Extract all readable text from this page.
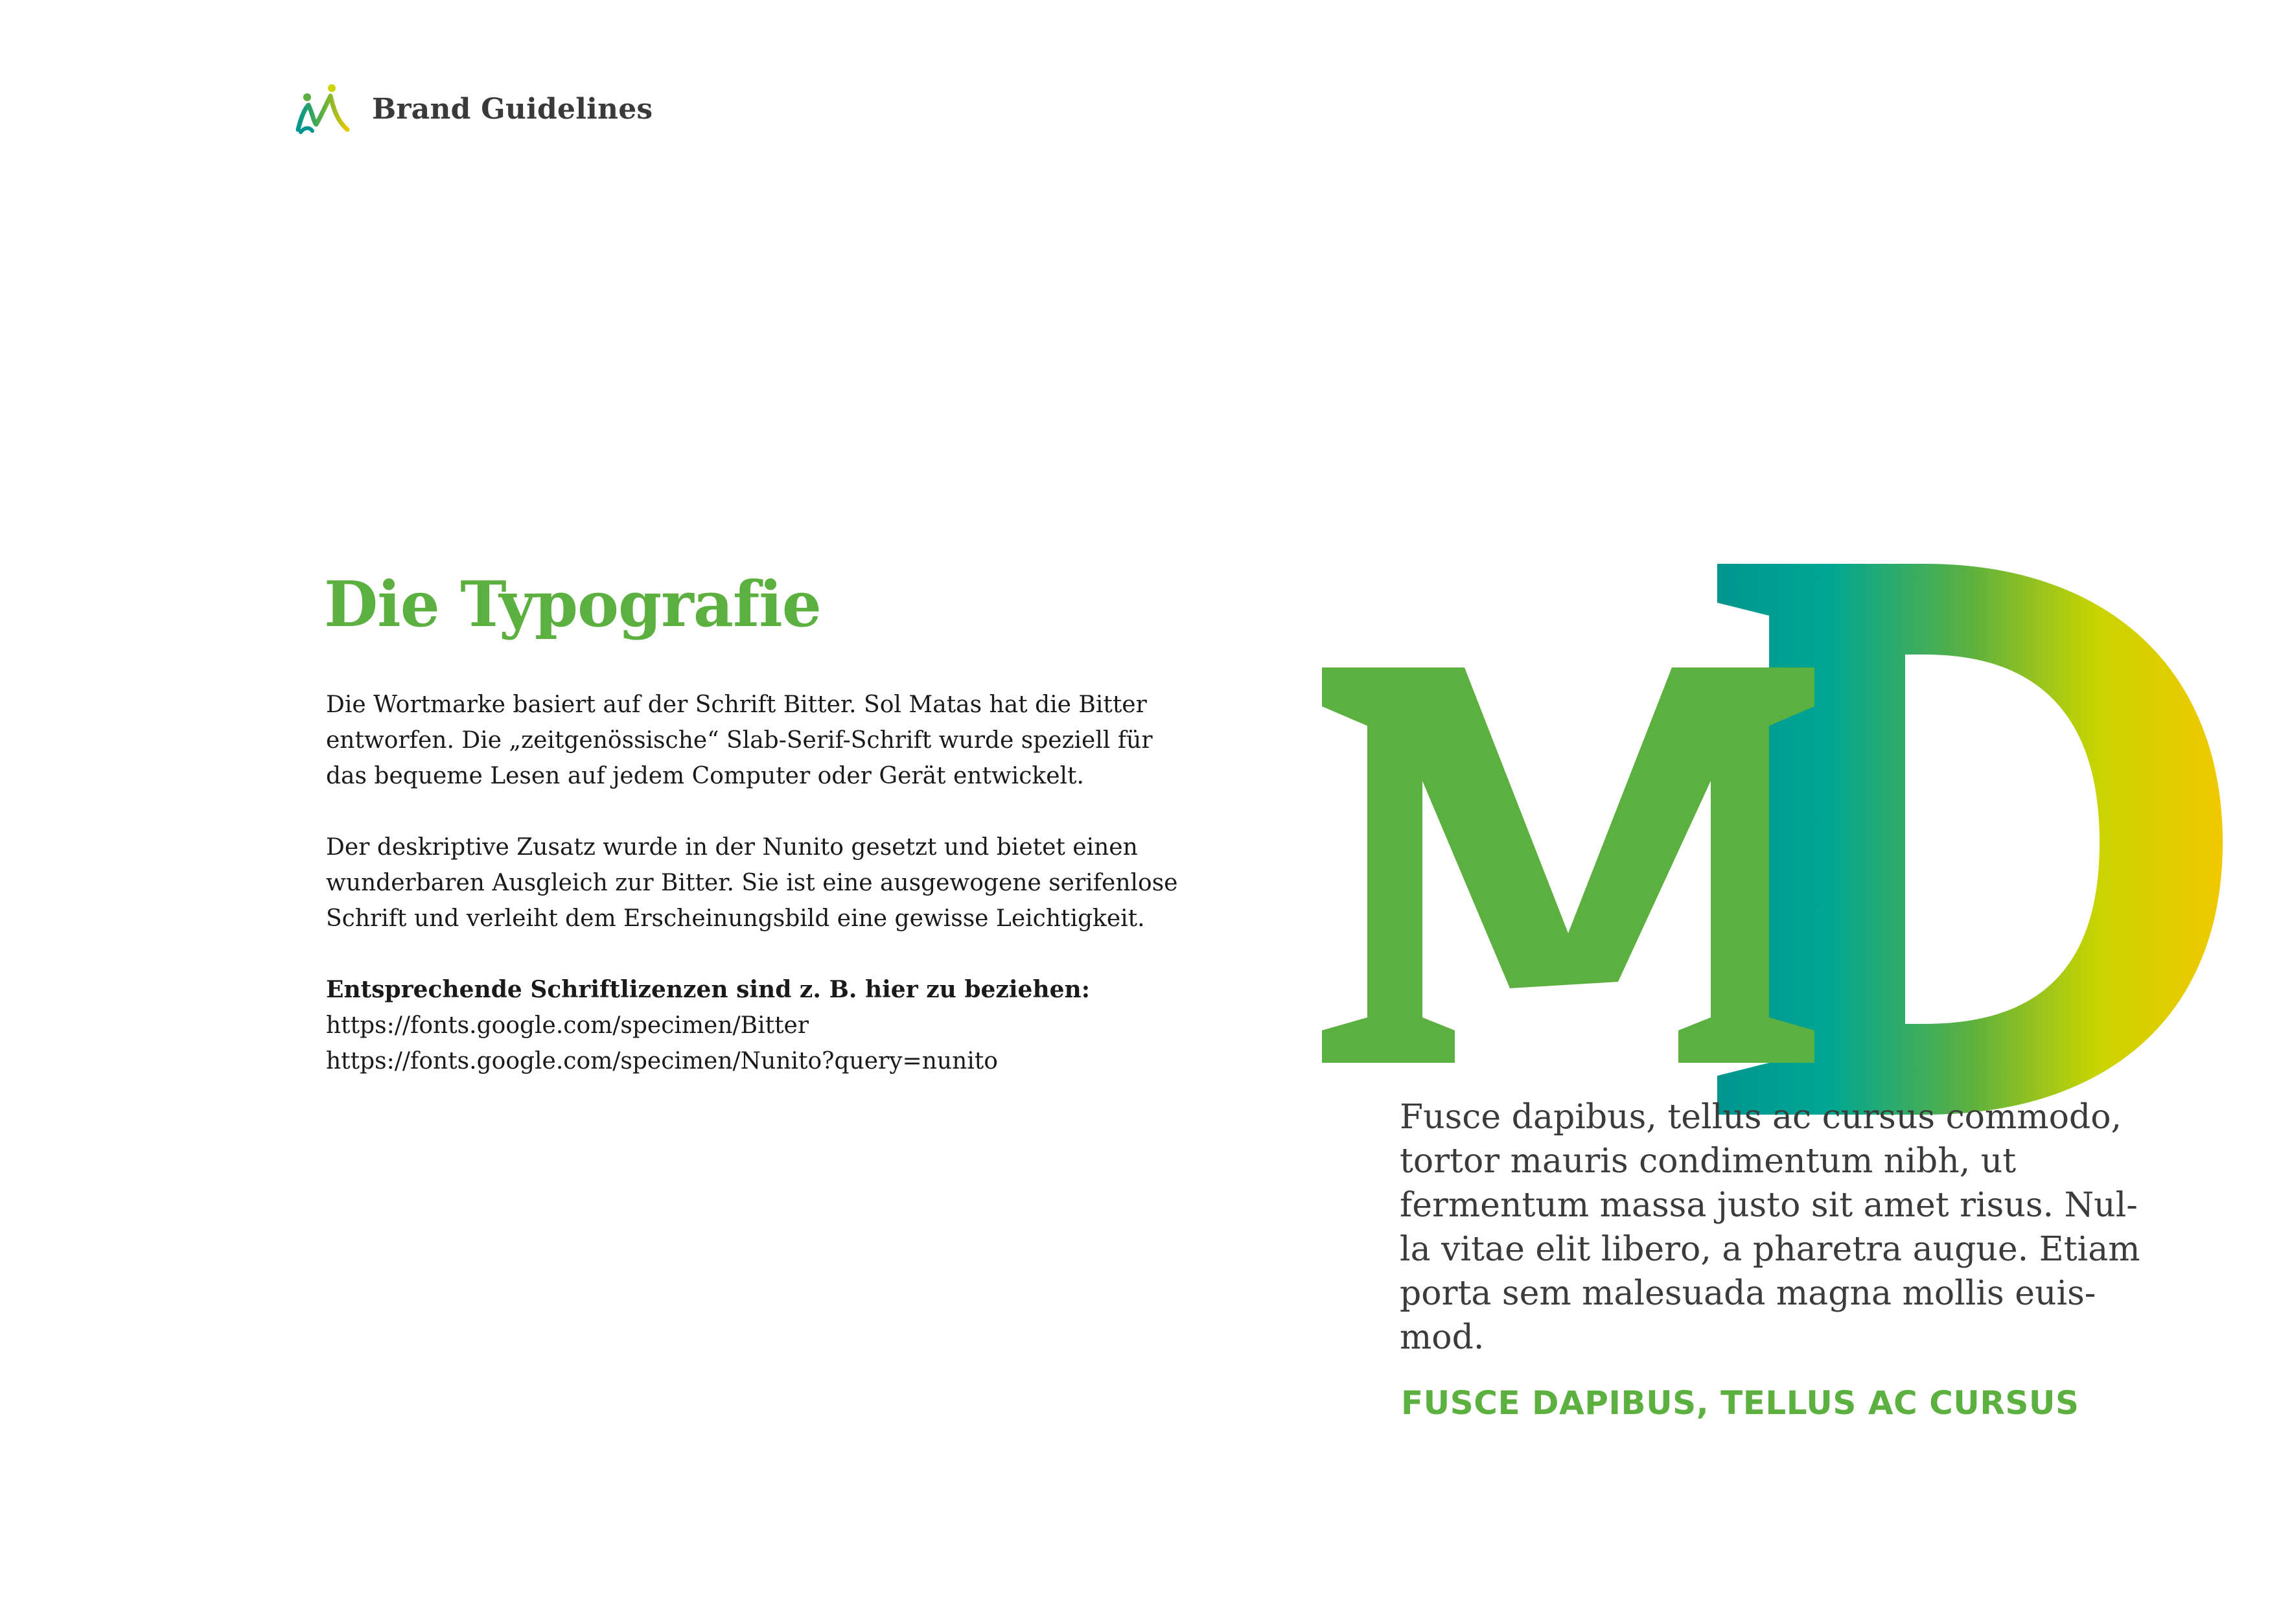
Brand Guidelines
Die Typografie

Die Wortmarke basiert auf der Schrift Bitter. Sol Matas hat die Bitter
entworfen. Die „zeitgenössische“ Slab-Serif-Schrift wurde speziell für
das bequeme Lesen auf jedem Computer oder Gerät entwickelt.

Der deskriptive Zusatz wurde in der Nunito gesetzt und bietet einen
wunderbaren Ausgleich zur Bitter. Sie ist eine ausgewogene serifenlose
Schrift und verleiht dem Erscheinungsbild eine gewisse Leichtigkeit.

Entsprechende Schriftlizenzen sind z. B. hier zu beziehen:
https://fonts.google.com/specimen/Bitter
https://fonts.google.com/specimen/Nunito?query=nunito

Fusce dapibus, tellus ac cursus commodo,
tortor mauris condimentum nibh, ut
fermentum massa justo sit amet risus. Nul-
la vitae elit libero, a pharetra augue. Etiam
porta sem malesuada magna mollis euis-
mod.
FUSCE DAPIBUS, TELLUS AC CURSUS
